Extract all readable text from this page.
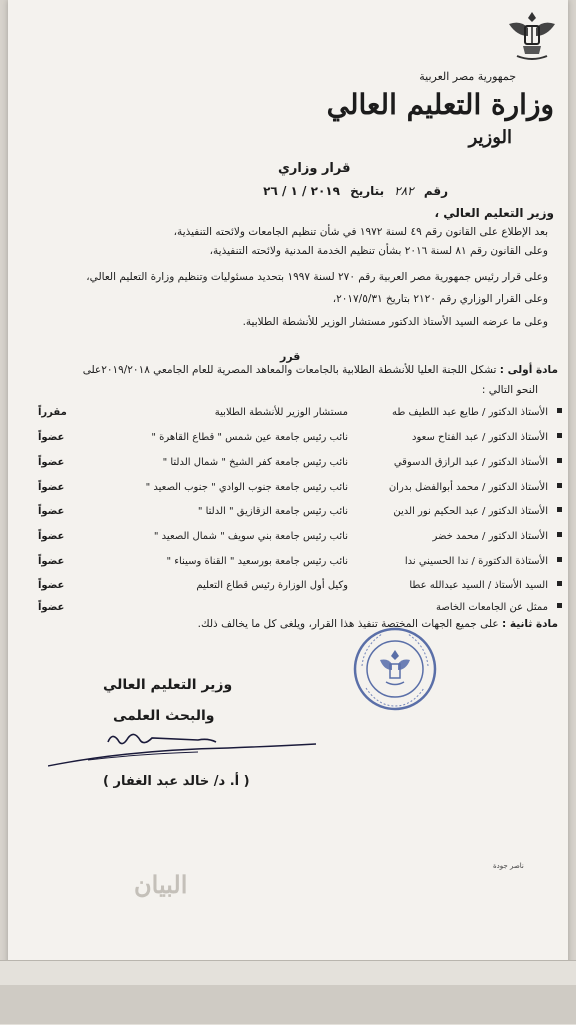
جمهورية مصر العربية
وزارة التعليم العالي
الوزير
قرار وزاري
رقم ٢٨٢ بتاريخ ٢٠١٩ / ١ / ٢٦
وزير التعليم العالي ،
بعد الإطلاع على القانون رقم ٤٩ لسنة ١٩٧٢ في شأن تنظيم الجامعات ولائحته التنفيذية،
وعلى القانون رقم ٨١ لسنة ٢٠١٦ بشأن تنظيم الخدمة المدنية ولائحته التنفيذية،
وعلى قرار رئيس جمهورية مصر العربية رقم ٢٧٠ لسنة ١٩٩٧ بتحديد مسئوليات وتنظيم وزارة التعليم العالي،
وعلى القرار الوزاري رقم ٢١٢٠ بتاريخ ٢٠١٧/٥/٣١،
وعلى ما عرضه السيد الأستاذ الدكتور مستشار الوزير للأنشطة الطلابية.
قرر
مادة أولى : تشكل اللجنة العليا للأنشطة الطلابية بالجامعات والمعاهد المصرية للعام الجامعي ٢٠١٩/٢٠١٨على
النحو التالي :
الأستاذ الدكتور / طايع عبد اللطيف طه
مستشار الوزير للأنشطة الطلابية
مقرراً
الأستاذ الدكتور / عبد الفتاح سعود
نائب رئيس جامعة عين شمس " قطاع القاهرة "
عضواً
الأستاذ الدكتور / عبد الرازق الدسوقي
نائب رئيس جامعة كفر الشيخ " شمال الدلتا "
عضواً
الأستاذ الدكتور / محمد أبوالفضل بدران
نائب رئيس جامعة جنوب الوادي " جنوب الصعيد "
عضواً
الأستاذ الدكتور / عبد الحكيم نور الدين
نائب رئيس جامعة الزقازيق " الدلتا "
عضواً
الأستاذ الدكتور / محمد خضر
نائب رئيس جامعة بني سويف " شمال الصعيد "
عضواً
الأستاذة الدكتورة / ندا الحسيني ندا
نائب رئيس جامعة بورسعيد " القناة وسيناء "
عضواً
السيد الأستاذ / السيد عبدالله عطا
وكيل أول الوزارة رئيس قطاع التعليم
عضواً
ممثل عن الجامعات الخاصة
عضواً
مادة ثانية : على جميع الجهات المختصة تنفيذ هذا القرار، ويلغى كل ما يخالف ذلك.
وزير التعليم العالي
والبحث العلمى
( أ. د/ خالد عبد الغفار )
ناصر جودة
البيان
